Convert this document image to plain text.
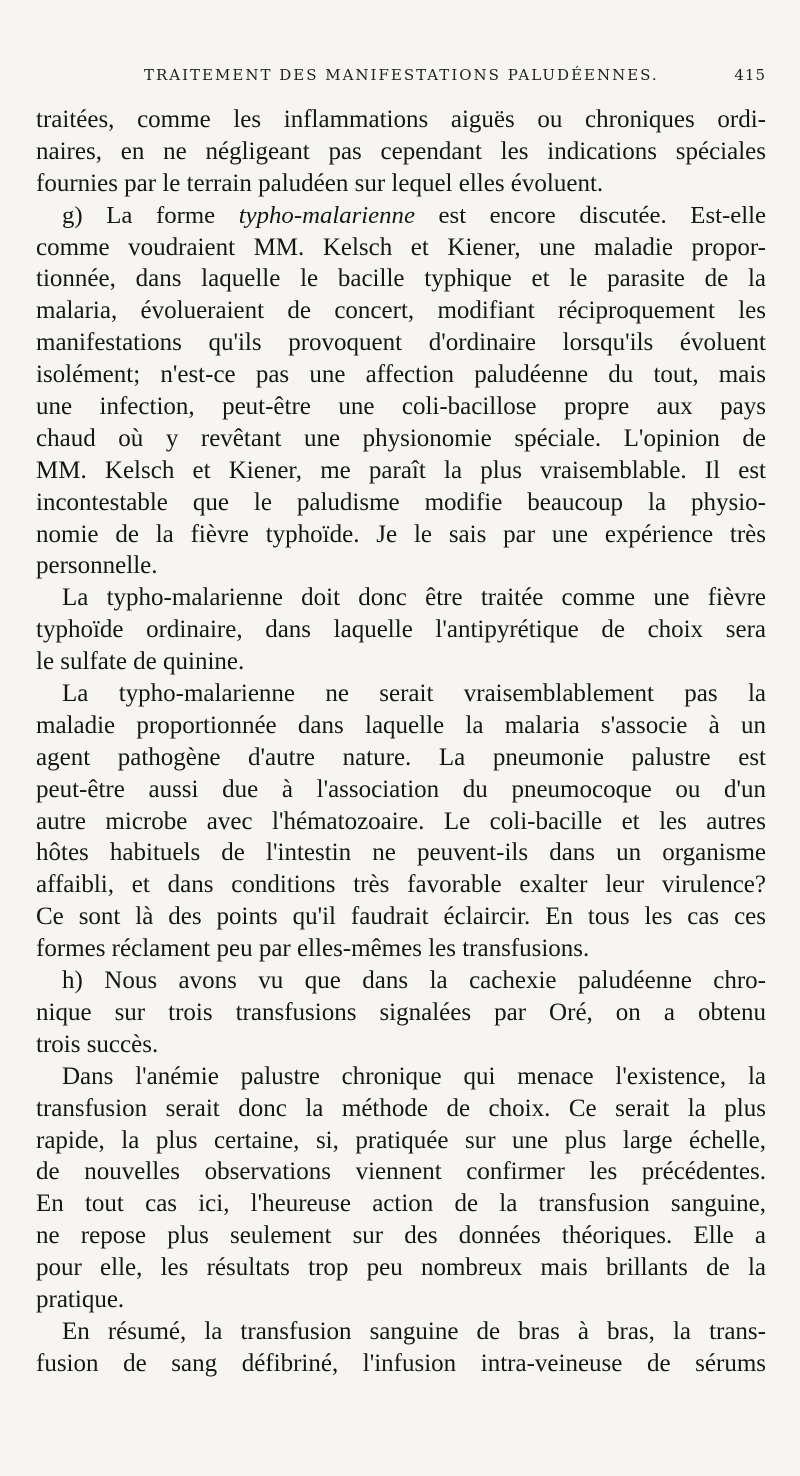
TRAITEMENT DES MANIFESTATIONS PALUDÉENNES.	415
traitées, comme les inflammations aiguës ou chroniques ordi-
naires, en ne négligeant pas cependant les indications spéciales
fournies par le terrain paludéen sur lequel elles évoluent.
g) La forme typho-malarienne est encore discutée. Est-elle
comme voudraient MM. Kelsch et Kiener, une maladie propor-
tionnée, dans laquelle le bacille typhique et le parasite de la
malaria, évolueraient de concert, modifiant réciproquement les
manifestations qu'ils provoquent d'ordinaire lorsqu'ils évoluent
isolément; n'est-ce pas une affection paludéenne du tout, mais
une infection, peut-être une coli-bacillose propre aux pays
chaud où y revêtant une physionomie spéciale. L'opinion de
MM. Kelsch et Kiener, me paraît la plus vraisemblable. Il est
incontestable que le paludisme modifie beaucoup la physio-
nomie de la fièvre typhoïde. Je le sais par une expérience très
personnelle.
La typho-malarienne doit donc être traitée comme une fièvre
typhoïde ordinaire, dans laquelle l'antipyrétique de choix sera
le sulfate de quinine.
La typho-malarienne ne serait vraisemblablement pas la
maladie proportionnée dans laquelle la malaria s'associe à un
agent pathogène d'autre nature. La pneumonie palustre est
peut-être aussi due à l'association du pneumocoque ou d'un
autre microbe avec l'hématozoaire. Le coli-bacille et les autres
hôtes habituels de l'intestin ne peuvent-ils dans un organisme
affaibli, et dans conditions très favorable exalter leur virulence?
Ce sont là des points qu'il faudrait éclaircir. En tous les cas ces
formes réclament peu par elles-mêmes les transfusions.
h) Nous avons vu que dans la cachexie paludéenne chro-
nique sur trois transfusions signalées par Oré, on a obtenu
trois succès.
Dans l'anémie palustre chronique qui menace l'existence, la
transfusion serait donc la méthode de choix. Ce serait la plus
rapide, la plus certaine, si, pratiquée sur une plus large échelle,
de nouvelles observations viennent confirmer les précédentes.
En tout cas ici, l'heureuse action de la transfusion sanguine,
ne repose plus seulement sur des données théoriques. Elle a
pour elle, les résultats trop peu nombreux mais brillants de la
pratique.
En résumé, la transfusion sanguine de bras à bras, la trans-
fusion de sang défibriné, l'infusion intra-veineuse de sérums
